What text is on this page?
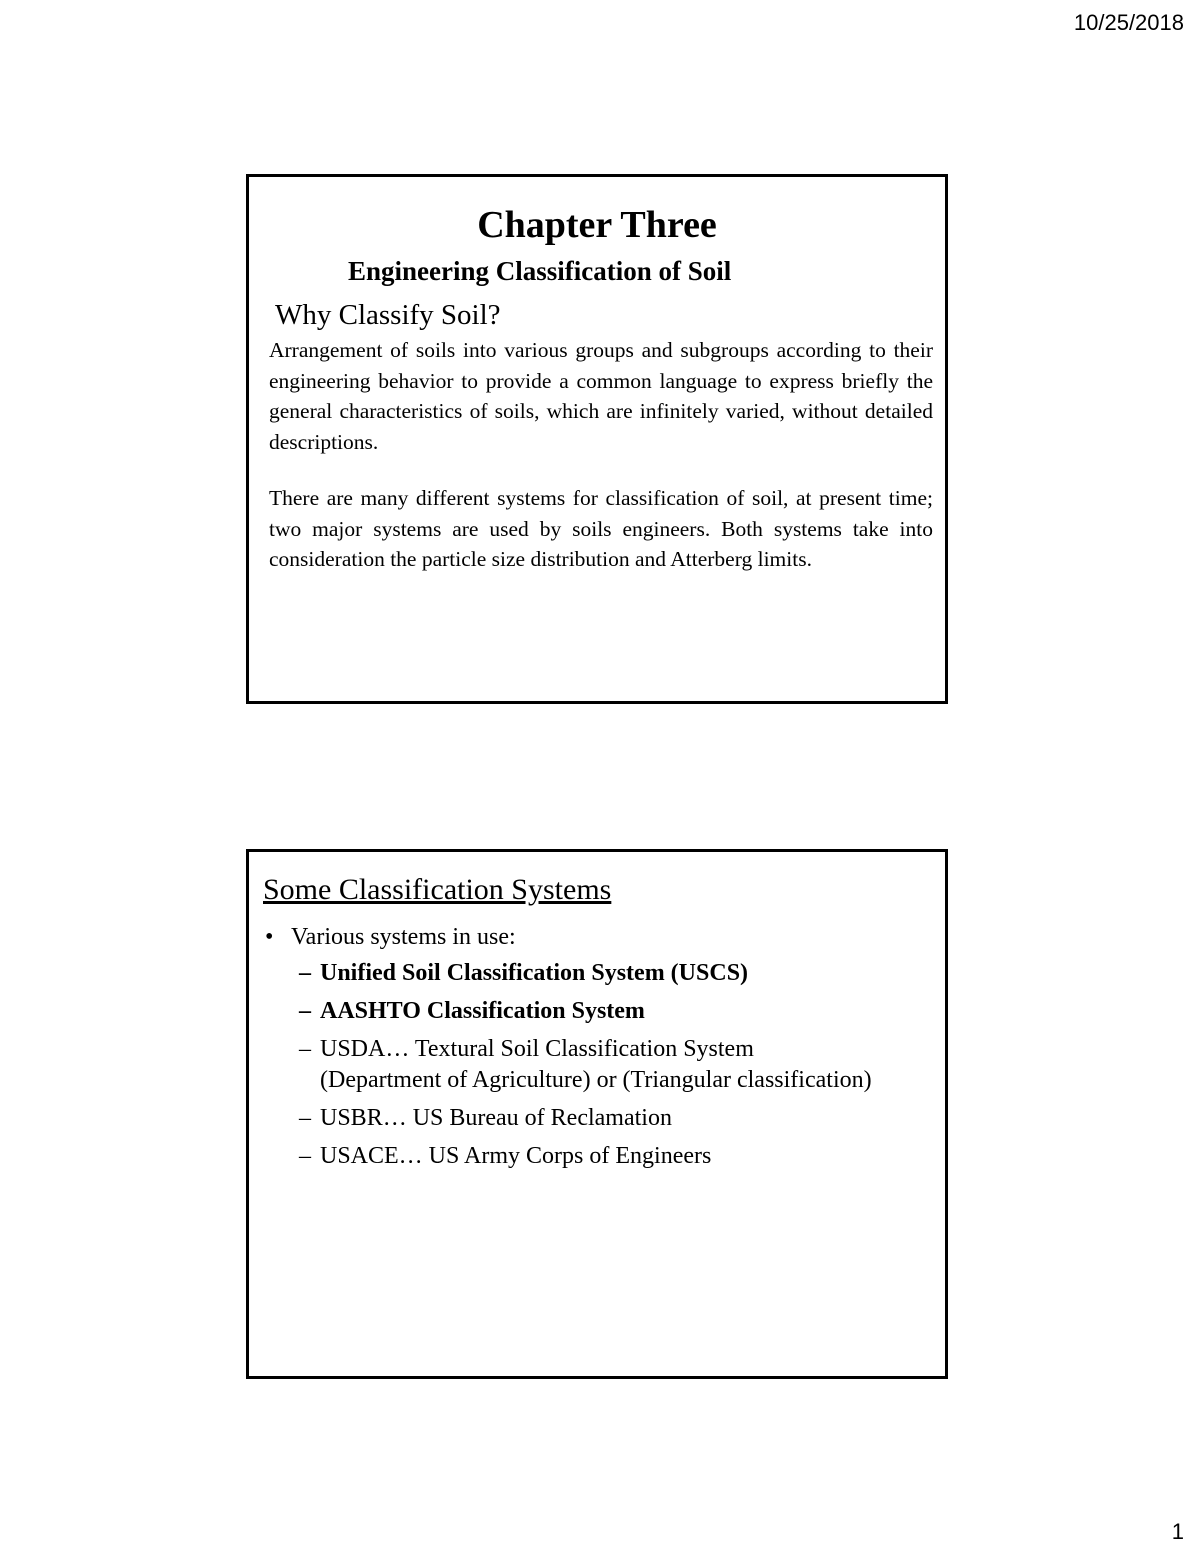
10/25/2018
Chapter Three
Engineering Classification of Soil
Why Classify Soil?

Arrangement of soils into various groups and subgroups according to their engineering behavior to provide a common language to express briefly the general characteristics of soils, which are infinitely varied, without detailed descriptions.

There are many different systems for classification of soil, at present time; two major systems are used by soils engineers. Both systems take into consideration the particle size distribution and Atterberg limits.

Some Classification Systems
• Various systems in use:
– Unified Soil Classification System (USCS)
– AASHTO Classification System
– USDA… Textural Soil Classification System
(Department of Agriculture) or (Triangular classification)
– USBR… US Bureau of Reclamation
– USACE… US Army Corps of Engineers
1
